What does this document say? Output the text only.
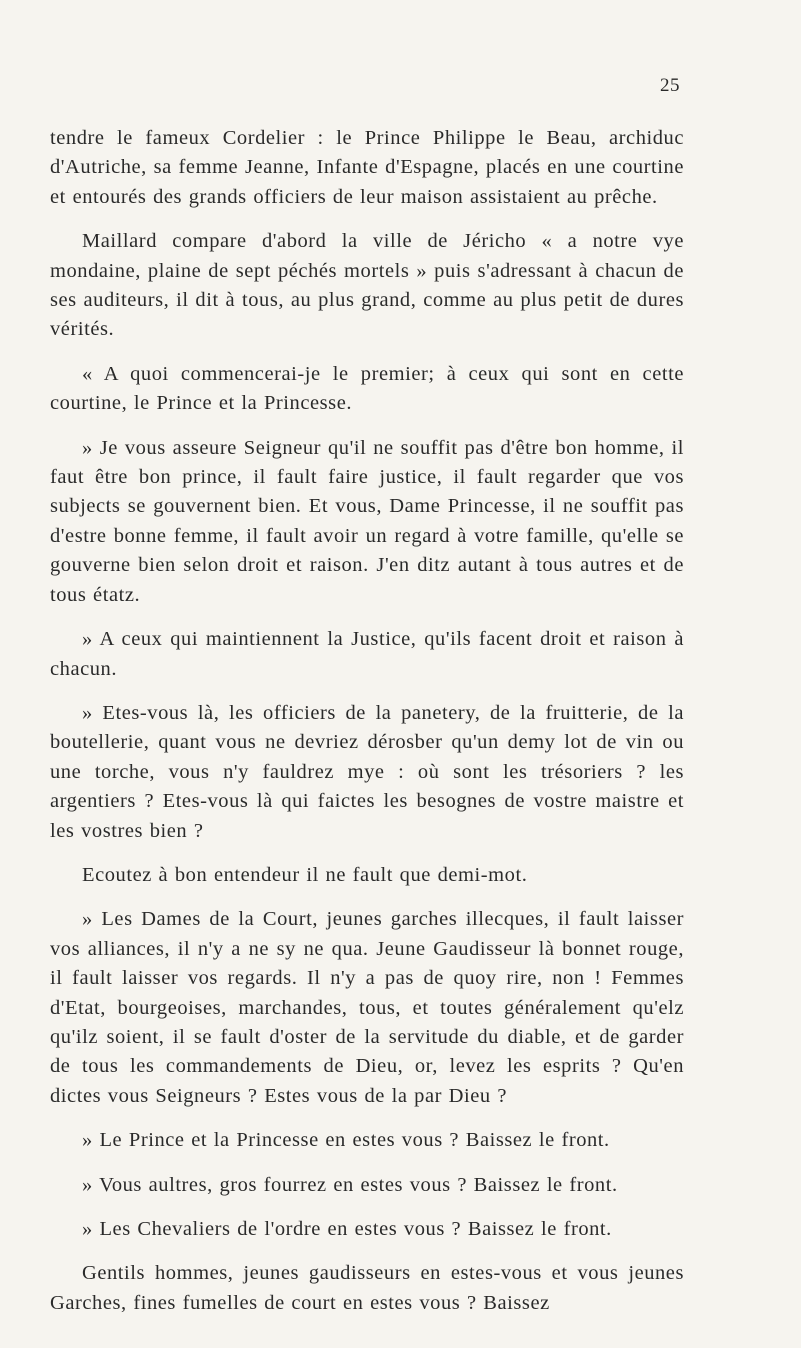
25

tendre le fameux Cordelier : le Prince Philippe le Beau, archiduc d'Autriche, sa femme Jeanne, Infante d'Espagne, placés en une courtine et entourés des grands officiers de leur maison assistaient au prêche.

Maillard compare d'abord la ville de Jéricho « a notre vye mondaine, plaine de sept péchés mortels » puis s'adressant à chacun de ses auditeurs, il dit à tous, au plus grand, comme au plus petit de dures vérités.

« A quoi commencerai-je le premier; à ceux qui sont en cette courtine, le Prince et la Princesse.

» Je vous asseure Seigneur qu'il ne souffit pas d'être bon homme, il faut être bon prince, il fault faire justice, il fault regarder que vos subjects se gouvernent bien. Et vous, Dame Princesse, il ne souffit pas d'estre bonne femme, il fault avoir un regard à votre famille, qu'elle se gouverne bien selon droit et raison. J'en ditz autant à tous autres et de tous étatz.

» A ceux qui maintiennent la Justice, qu'ils facent droit et raison à chacun.

» Etes-vous là, les officiers de la panetery, de la fruitterie, de la boutellerie, quant vous ne devriez dérosber qu'un demy lot de vin ou une torche, vous n'y fauldrez mye : où sont les trésoriers ? les argentiers ? Etes-vous là qui faictes les besognes de vostre maistre et les vostres bien ?

Ecoutez à bon entendeur il ne fault que demi-mot.

» Les Dames de la Court, jeunes garches illecques, il fault laisser vos alliances, il n'y a ne sy ne qua. Jeune Gaudisseur là bonnet rouge, il fault laisser vos regards. Il n'y a pas de quoy rire, non ! Femmes d'Etat, bourgeoises, marchandes, tous, et toutes généralement qu'elz qu'ilz soient, il se fault d'oster de la servitude du diable, et de garder de tous les commandements de Dieu, or, levez les esprits ? Qu'en dictes vous Seigneurs ? Estes vous de la par Dieu ?

» Le Prince et la Princesse en estes vous ? Baissez le front.

» Vous aultres, gros fourrez en estes vous ? Baissez le front.

» Les Chevaliers de l'ordre en estes vous ? Baissez le front.

Gentils hommes, jeunes gaudisseurs en estes-vous et vous jeunes Garches, fines fumelles de court en estes vous ? Baissez
